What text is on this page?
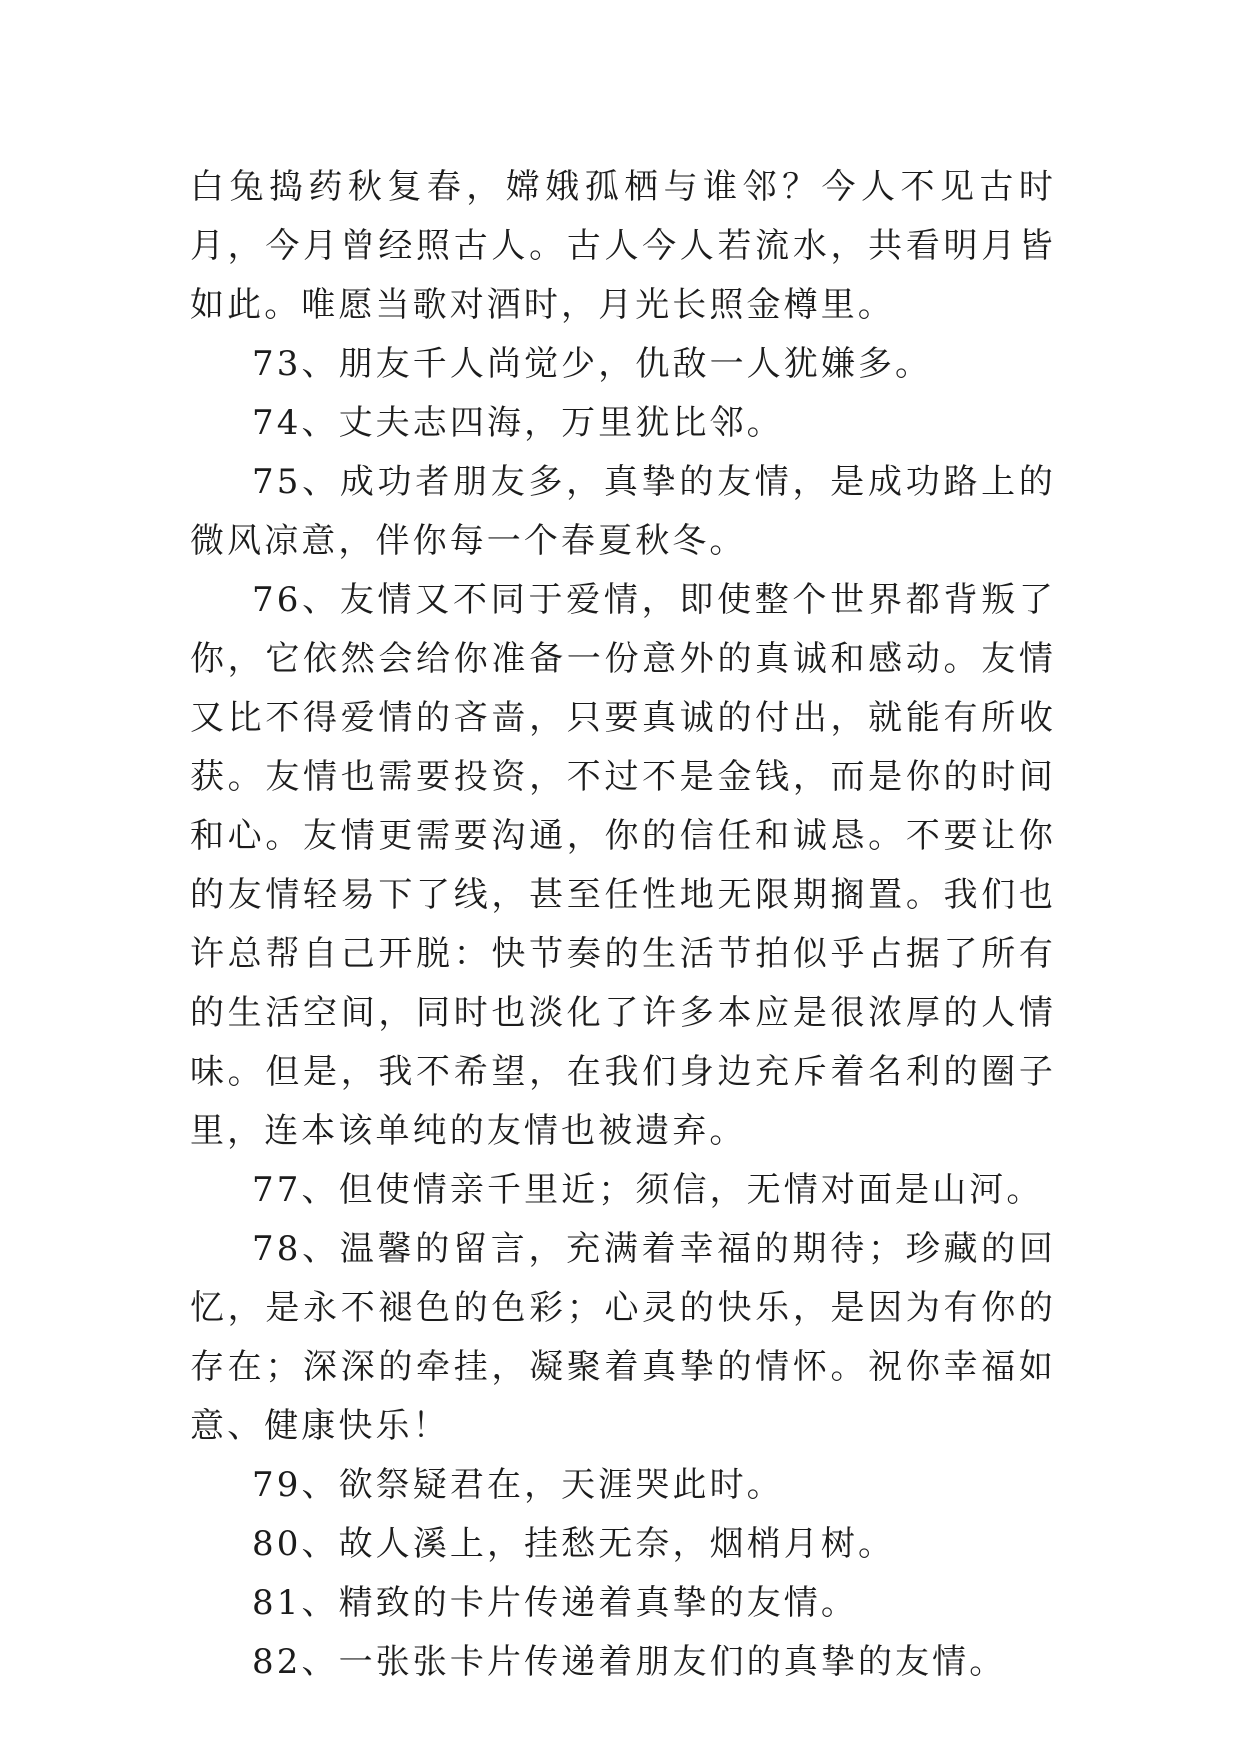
白兔捣药秋复春，嫦娥孤栖与谁邻？今人不见古时月，今月曾经照古人。古人今人若流水，共看明月皆如此。唯愿当歌对酒时，月光长照金樽里。

73、朋友千人尚觉少，仇敌一人犹嫌多。

74、丈夫志四海，万里犹比邻。

75、成功者朋友多，真挚的友情，是成功路上的微风凉意，伴你每一个春夏秋冬。

76、友情又不同于爱情，即使整个世界都背叛了你，它依然会给你准备一份意外的真诚和感动。友情又比不得爱情的吝啬，只要真诚的付出，就能有所收获。友情也需要投资，不过不是金钱，而是你的时间和心。友情更需要沟通，你的信任和诚恳。不要让你的友情轻易下了线，甚至任性地无限期搁置。我们也许总帮自己开脱：快节奏的生活节拍似乎占据了所有的生活空间，同时也淡化了许多本应是很浓厚的人情味。但是，我不希望，在我们身边充斥着名利的圈子里，连本该单纯的友情也被遗弃。

77、但使情亲千里近；须信，无情对面是山河。

78、温馨的留言，充满着幸福的期待；珍藏的回忆，是永不褪色的色彩；心灵的快乐，是因为有你的存在；深深的牵挂，凝聚着真挚的情怀。祝你幸福如意、健康快乐！

79、欲祭疑君在，天涯哭此时。

80、故人溪上，挂愁无奈，烟梢月树。

81、精致的卡片传递着真挚的友情。

82、一张张卡片传递着朋友们的真挚的友情。
